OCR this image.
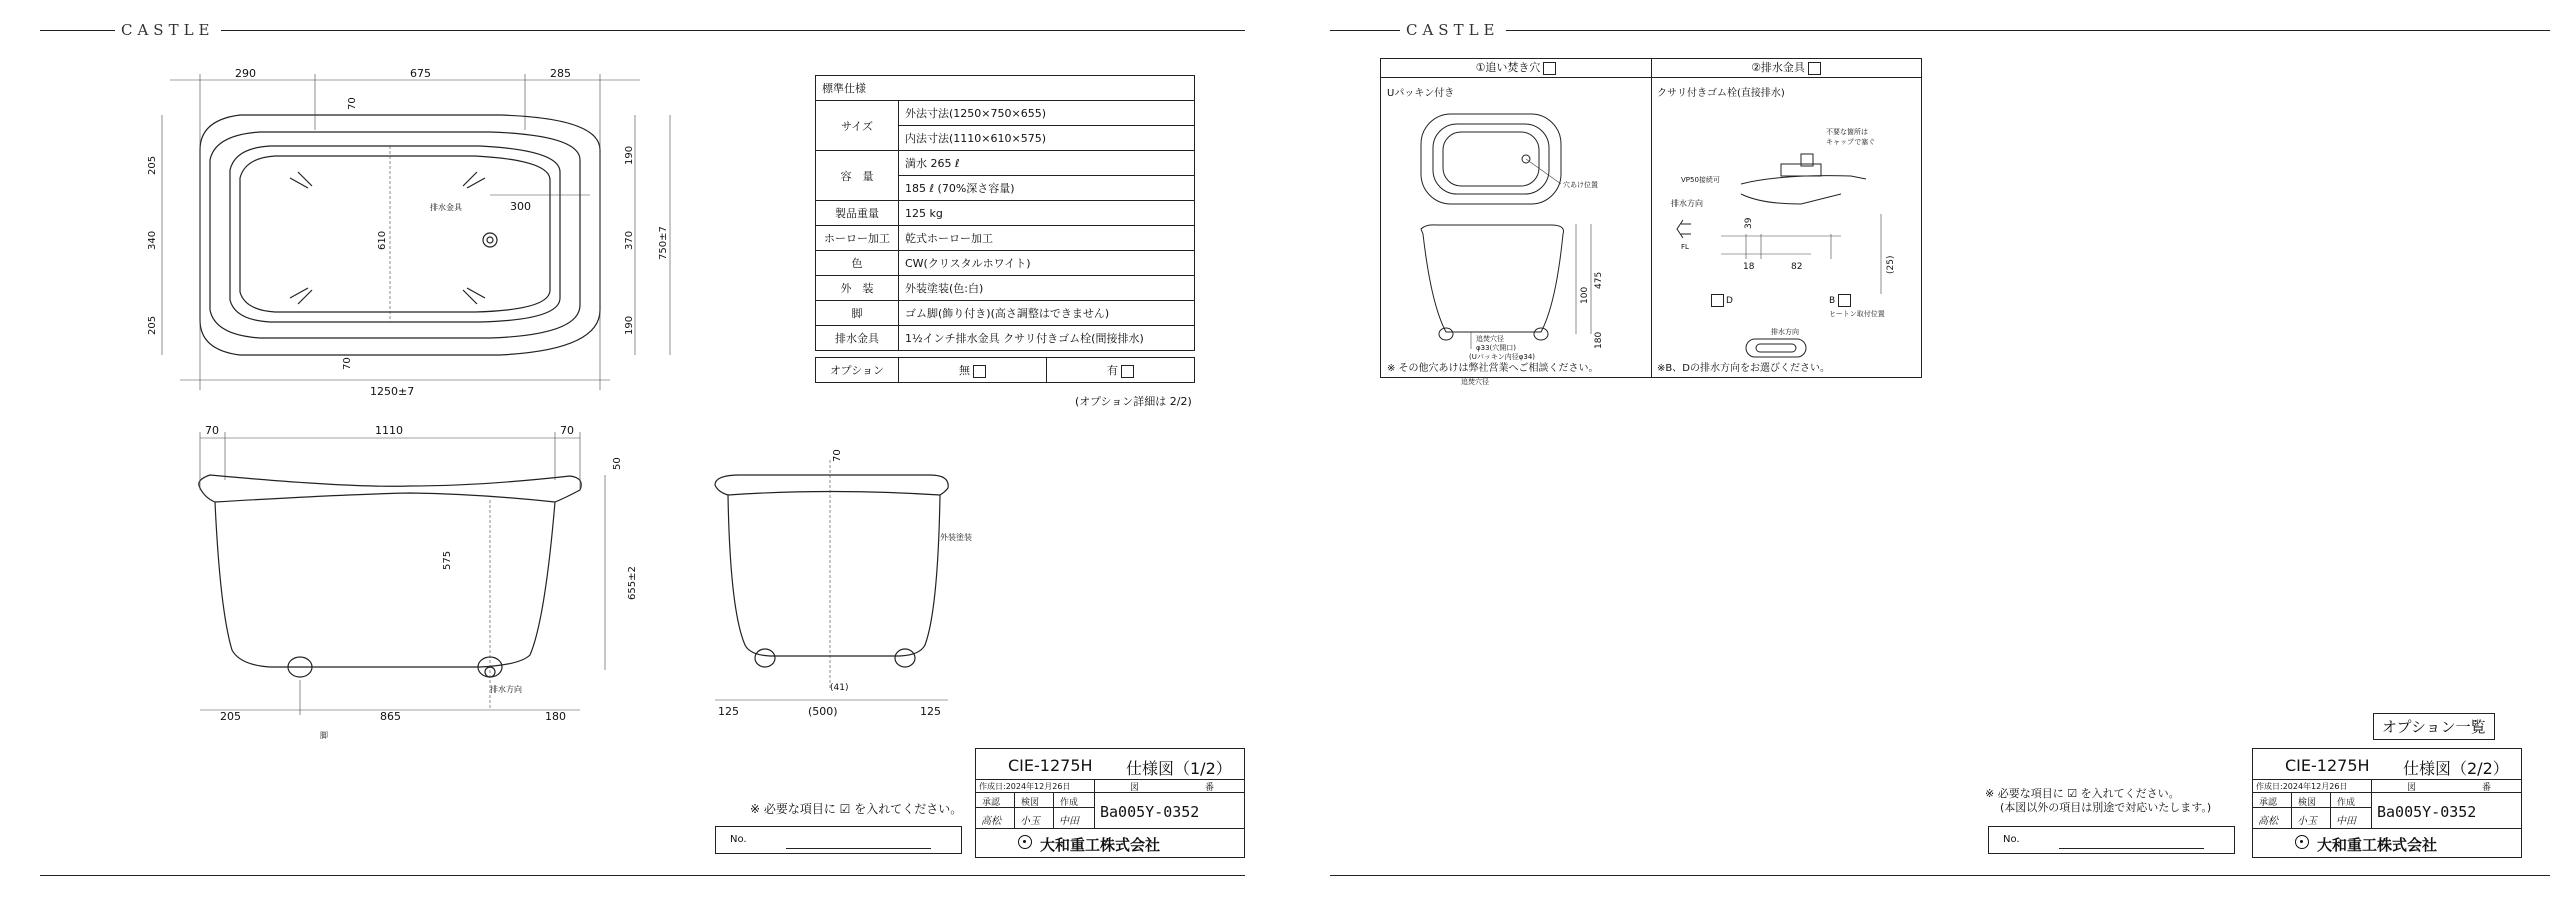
CASTLE
290	675	285
70
205
340
205
610
300
190
370
190
750±7
70
1250±7
排水金具
標準仕様	
サイズ	外法寸法(1250×750×655)
	内法寸法(1110×610×575)
容　量	満水 265 ℓ
	185 ℓ (70%深さ容量)
製品重量	125 kg
ホーロー加工	乾式ホーロー加工
色	CW(クリスタルホワイト)
外　装	外装塗装(色:白)
脚	ゴム脚(飾り付き)(高さ調整はできません)
排水金具	1½インチ排水金具 クサリ付きゴム栓(間接排水)
オプション	無	有
(オプション詳細は 2/2)
70	1110	70
50
575
655±2
205	865	180
排水方向
脚
70
外装塗装
125	(500)	125
(41)
※ 必要な項目に ☑ を入れてください。
No.
CIE-1275H 仕様図（1/2）
作成日:2024年12月26日	図	番
承認 検図 作成
高松 小玉 中田
Ba005Y-0352
大和重工株式会社
CASTLE
①追い焚き穴	②排水金具
Uパッキン付き	クサリ付きゴム栓(直接排水)
穴あけ位置
100
475
180
追焚穴径
追焚穴径
φ33(穴開口)
(Uパッキン内径φ34)
VP50接続可
不要な箇所は
キャップで塞ぐ
排水方向
FL
39
18	82	(25)
D	B
ヒートン取付位置
排水方向
※ その他穴あけは弊社営業へご相談ください。	※B、Dの排水方向をお選びください。
オプション一覧
※ 必要な項目に ☑ を入れてください。
(本図以外の項目は別途で対応いたします。)
No.
CIE-1275H 仕様図（2/2）
作成日:2024年12月26日	図	番
承認 検図 作成
高松 小玉 中田
Ba005Y-0352
大和重工株式会社
